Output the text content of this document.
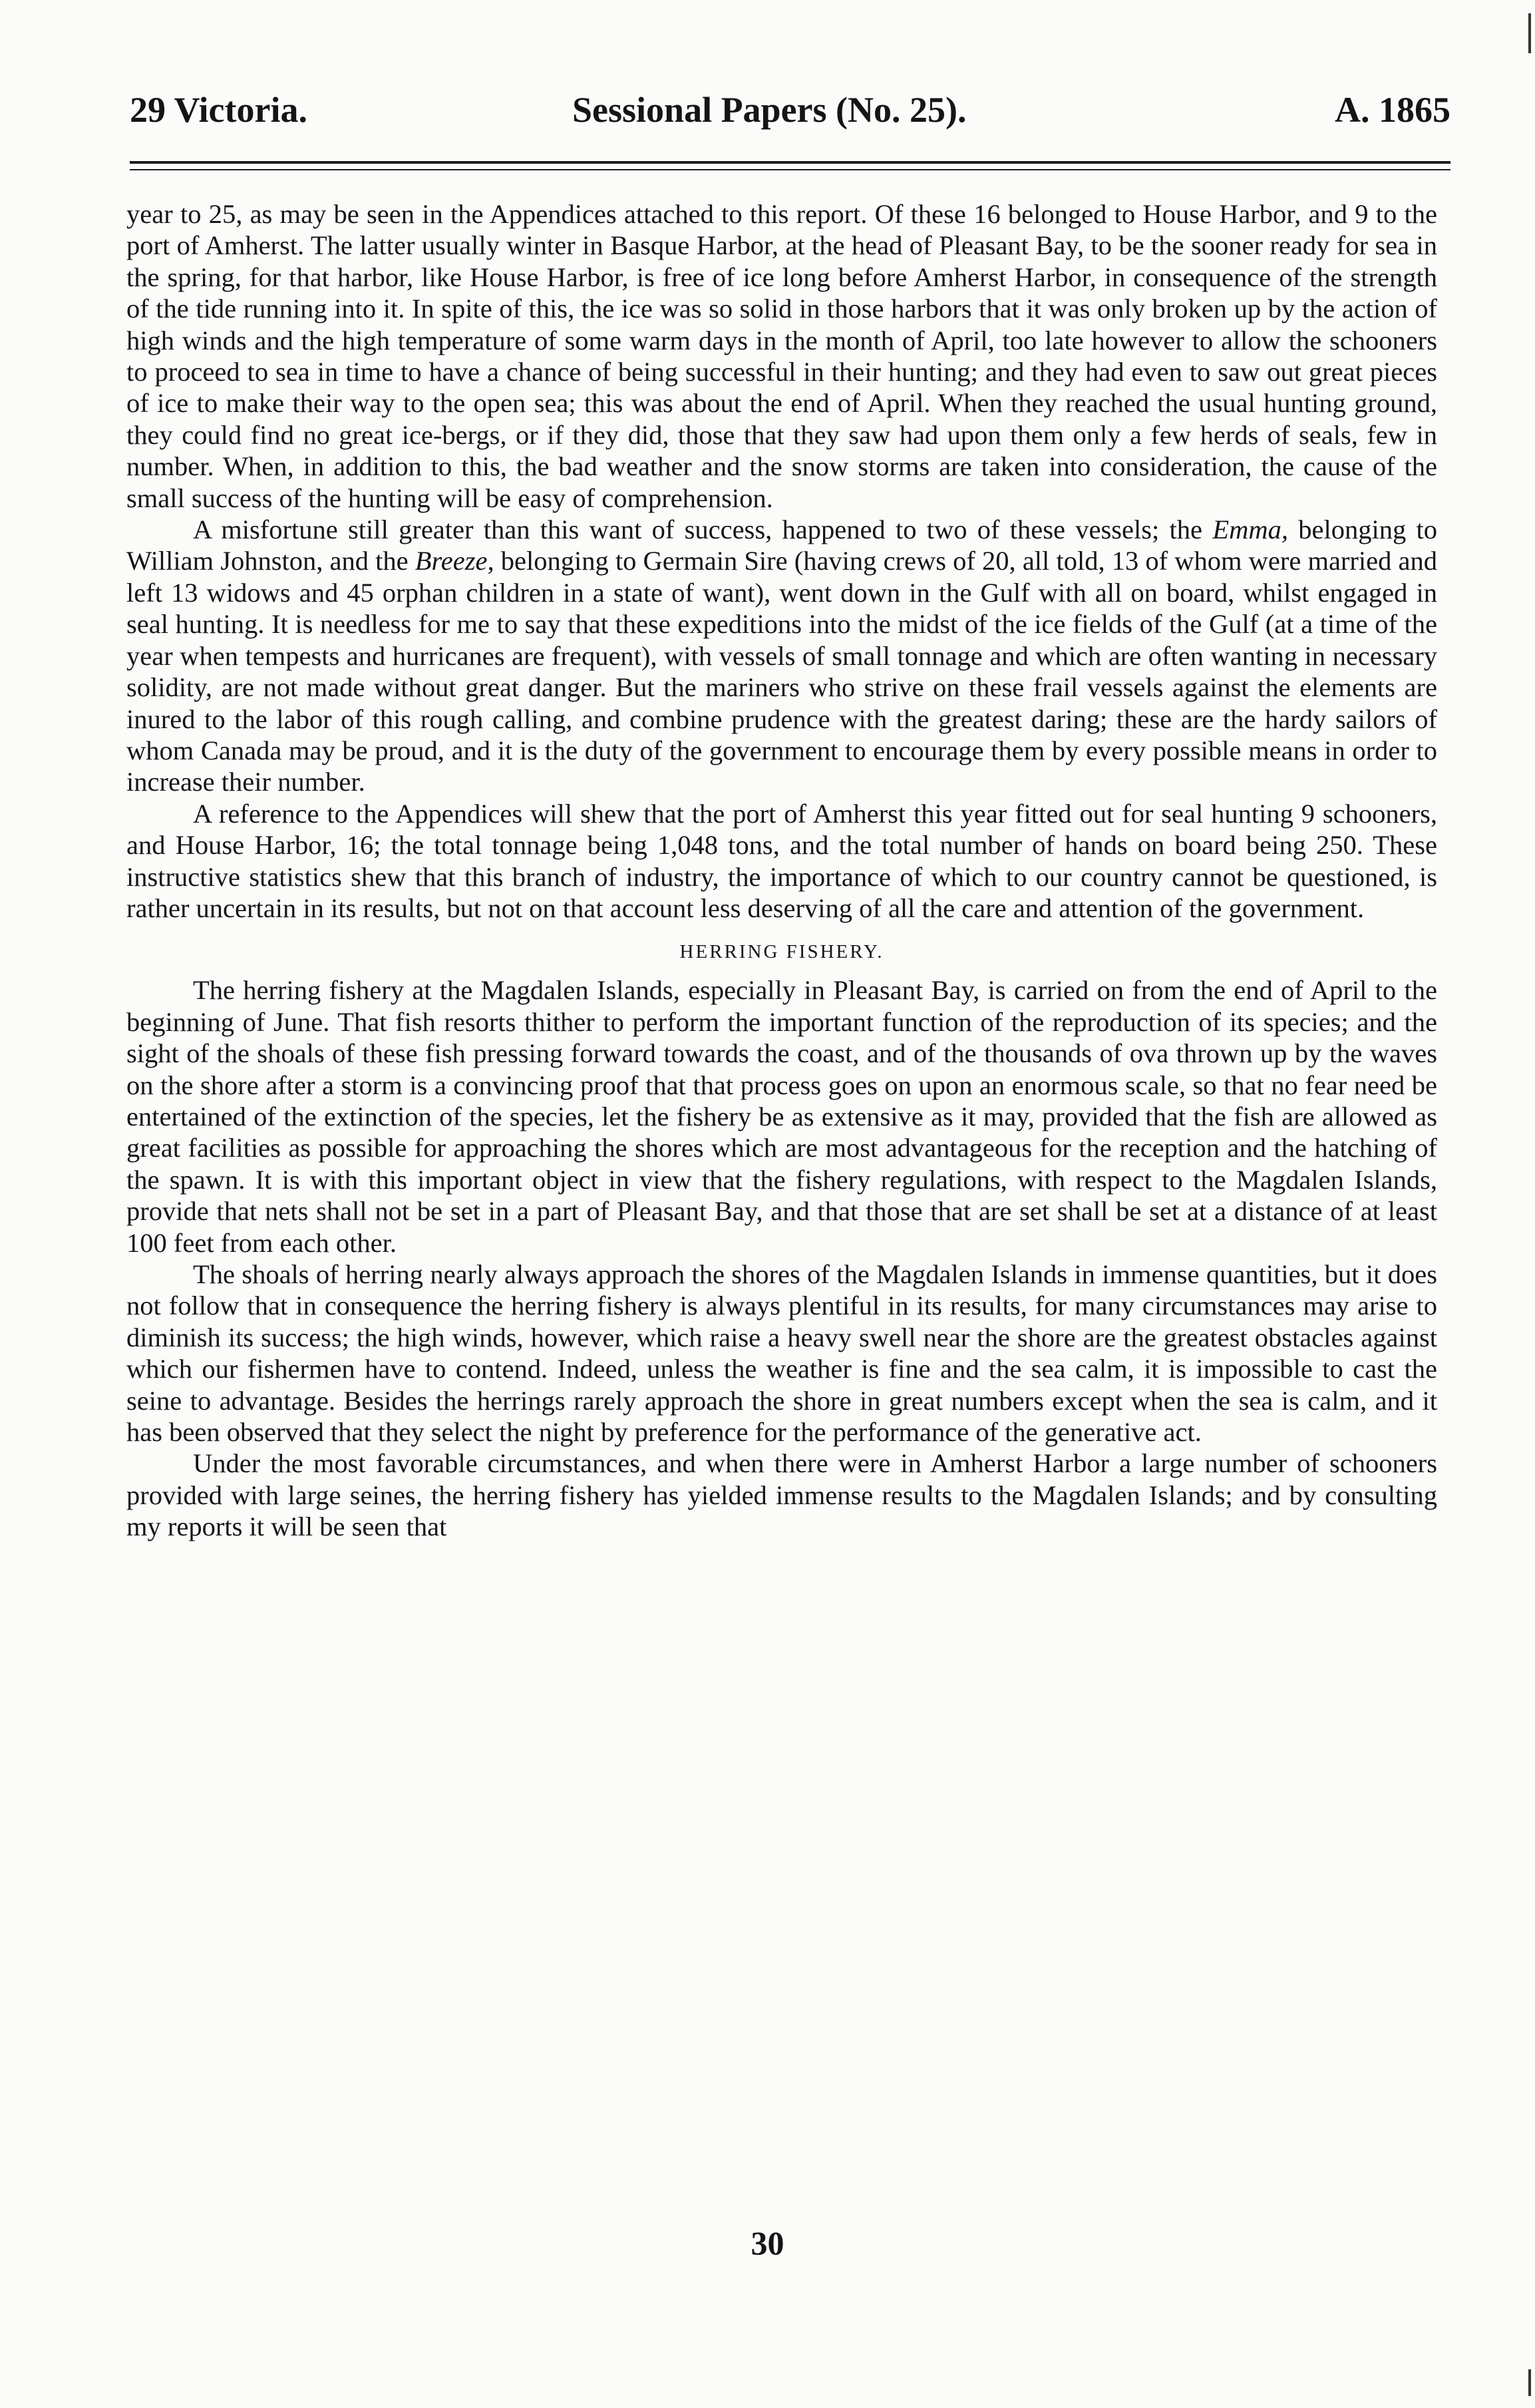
29 Victoria.	Sessional Papers (No. 25).	A. 1865

year to 25, as may be seen in the Appendices attached to this report. Of these 16 belonged to House Harbor, and 9 to the port of Amherst. The latter usually winter in Basque Harbor, at the head of Pleasant Bay, to be the sooner ready for sea in the spring, for that harbor, like House Harbor, is free of ice long before Amherst Harbor, in consequence of the strength of the tide running into it. In spite of this, the ice was so solid in those harbors that it was only broken up by the action of high winds and the high temperature of some warm days in the month of April, too late however to allow the schooners to proceed to sea in time to have a chance of being successful in their hunting; and they had even to saw out great pieces of ice to make their way to the open sea; this was about the end of April. When they reached the usual hunting ground, they could find no great ice-bergs, or if they did, those that they saw had upon them only a few herds of seals, few in number. When, in addition to this, the bad weather and the snow storms are taken into consideration, the cause of the small success of the hunting will be easy of comprehension.

A misfortune still greater than this want of success, happened to two of these vessels; the Emma, belonging to William Johnston, and the Breeze, belonging to Germain Sire (having crews of 20, all told, 13 of whom were married and left 13 widows and 45 orphan children in a state of want), went down in the Gulf with all on board, whilst engaged in seal hunting. It is needless for me to say that these expeditions into the midst of the ice fields of the Gulf (at a time of the year when tempests and hurricanes are frequent), with vessels of small tonnage and which are often wanting in necessary solidity, are not made without great danger. But the mariners who strive on these frail vessels against the elements are inured to the labor of this rough calling, and combine prudence with the greatest daring; these are the hardy sailors of whom Canada may be proud, and it is the duty of the government to encourage them by every possible means in order to increase their number.

A reference to the Appendices will shew that the port of Amherst this year fitted out for seal hunting 9 schooners, and House Harbor, 16; the total tonnage being 1,048 tons, and the total number of hands on board being 250. These instructive statistics shew that this branch of industry, the importance of which to our country cannot be questioned, is rather uncertain in its results, but not on that account less deserving of all the care and attention of the government.

HERRING FISHERY.

The herring fishery at the Magdalen Islands, especially in Pleasant Bay, is carried on from the end of April to the beginning of June. That fish resorts thither to perform the important function of the reproduction of its species; and the sight of the shoals of these fish pressing forward towards the coast, and of the thousands of ova thrown up by the waves on the shore after a storm is a convincing proof that that process goes on upon an enormous scale, so that no fear need be entertained of the extinction of the species, let the fishery be as extensive as it may, provided that the fish are allowed as great facilities as possible for approaching the shores which are most advantageous for the reception and the hatching of the spawn. It is with this important object in view that the fishery regulations, with respect to the Magdalen Islands, provide that nets shall not be set in a part of Pleasant Bay, and that those that are set shall be set at a distance of at least 100 feet from each other.

The shoals of herring nearly always approach the shores of the Magdalen Islands in immense quantities, but it does not follow that in consequence the herring fishery is always plentiful in its results, for many circumstances may arise to diminish its success; the high winds, however, which raise a heavy swell near the shore are the greatest obstacles against which our fishermen have to contend. Indeed, unless the weather is fine and the sea calm, it is impossible to cast the seine to advantage. Besides the herrings rarely approach the shore in great numbers except when the sea is calm, and it has been observed that they select the night by preference for the performance of the generative act.

Under the most favorable circumstances, and when there were in Amherst Harbor a large number of schooners provided with large seines, the herring fishery has yielded immense results to the Magdalen Islands; and by consulting my reports it will be seen that

30
